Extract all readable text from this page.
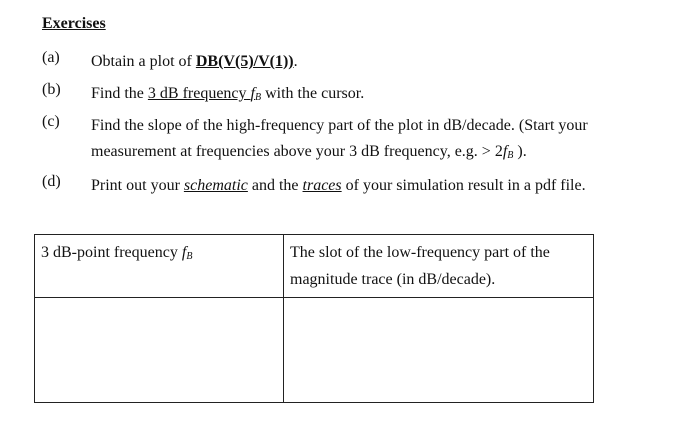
Exercises
(a) Obtain a plot of DB(V(5)/V(1)).
(b) Find the 3 dB frequency $f_B$ with the cursor.
(c) Find the slope of the high-frequency part of the plot in dB/decade. (Start your
measurement at frequencies above your 3 dB frequency, e.g. > $2f_B$ ).
(d) Print out your schematic and the traces of your simulation result in a pdf file.
3 dB-point frequency $f_B$	The slot of the low-frequency part of the
magnitude trace (in dB/decade).
